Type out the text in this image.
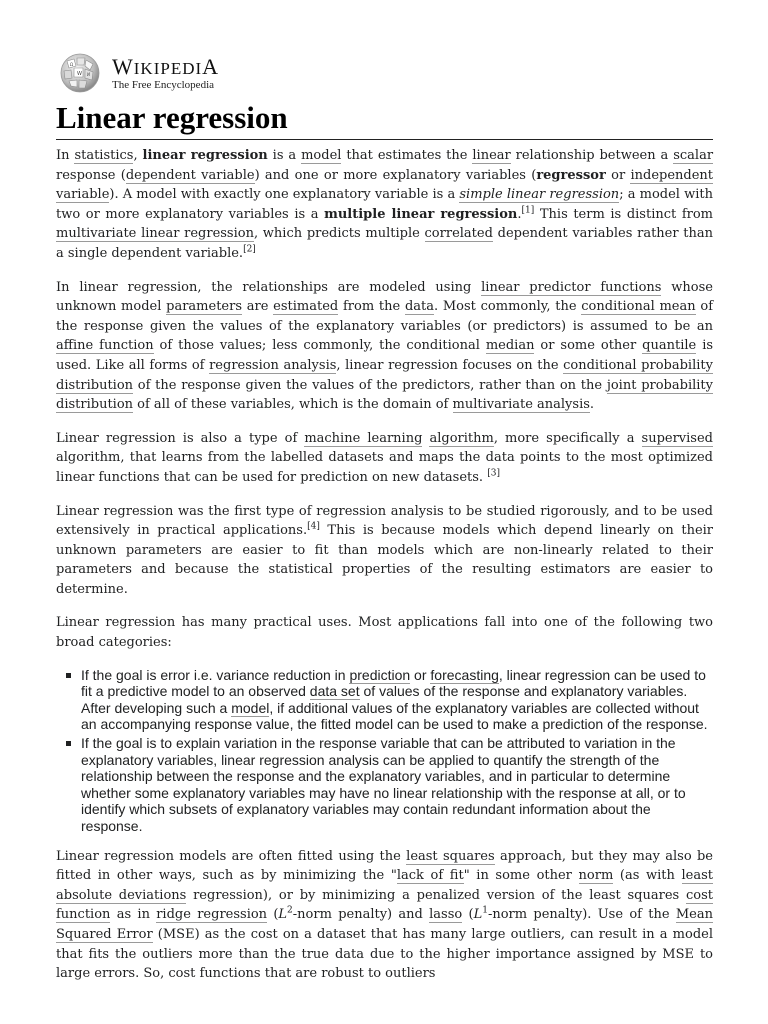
Ω
W И WIKIPEDIA
The Free Encyclopedia
Linear regression

In statistics, linear regression is a model that estimates the linear relationship between a scalar response (dependent variable) and one or more explanatory variables (regressor or independent variable). A model with exactly one explanatory variable is a simple linear regression; a model with two or more explanatory variables is a multiple linear regression.[1] This term is distinct from multivariate linear regression, which predicts multiple correlated dependent variables rather than a single dependent variable.[2]

In linear regression, the relationships are modeled using linear predictor functions whose unknown model parameters are estimated from the data. Most commonly, the conditional mean of the response given the values of the explanatory variables (or predictors) is assumed to be an affine function of those values; less commonly, the conditional median or some other quantile is used. Like all forms of regression analysis, linear regression focuses on the conditional probability distribution of the response given the values of the predictors, rather than on the joint probability distribution of all of these variables, which is the domain of multivariate analysis.

Linear regression is also a type of machine learning algorithm, more specifically a supervised algorithm, that learns from the labelled datasets and maps the data points to the most optimized linear functions that can be used for prediction on new datasets. [3]

Linear regression was the first type of regression analysis to be studied rigorously, and to be used extensively in practical applications.[4] This is because models which depend linearly on their unknown parameters are easier to fit than models which are non-linearly related to their parameters and because the statistical properties of the resulting estimators are easier to determine.

Linear regression has many practical uses. Most applications fall into one of the following two broad categories:

If the goal is error i.e. variance reduction in prediction or forecasting, linear regression can be used to fit a predictive model to an observed data set of values of the response and explanatory variables. After developing such a model, if additional values of the explanatory variables are collected without an accompanying response value, the fitted model can be used to make a prediction of the response.
If the goal is to explain variation in the response variable that can be attributed to variation in the explanatory variables, linear regression analysis can be applied to quantify the strength of the relationship between the response and the explanatory variables, and in particular to determine whether some explanatory variables may have no linear relationship with the response at all, or to identify which subsets of explanatory variables may contain redundant information about the response.

Linear regression models are often fitted using the least squares approach, but they may also be fitted in other ways, such as by minimizing the "lack of fit" in some other norm (as with least absolute deviations regression), or by minimizing a penalized version of the least squares cost function as in ridge regression ($L^2$-norm penalty) and lasso ($L^1$-norm penalty). Use of the Mean Squared Error (MSE) as the cost on a dataset that has many large outliers, can result in a model that fits the outliers more than the true data due to the higher importance assigned by MSE to large errors. So, cost functions that are robust to outliers
